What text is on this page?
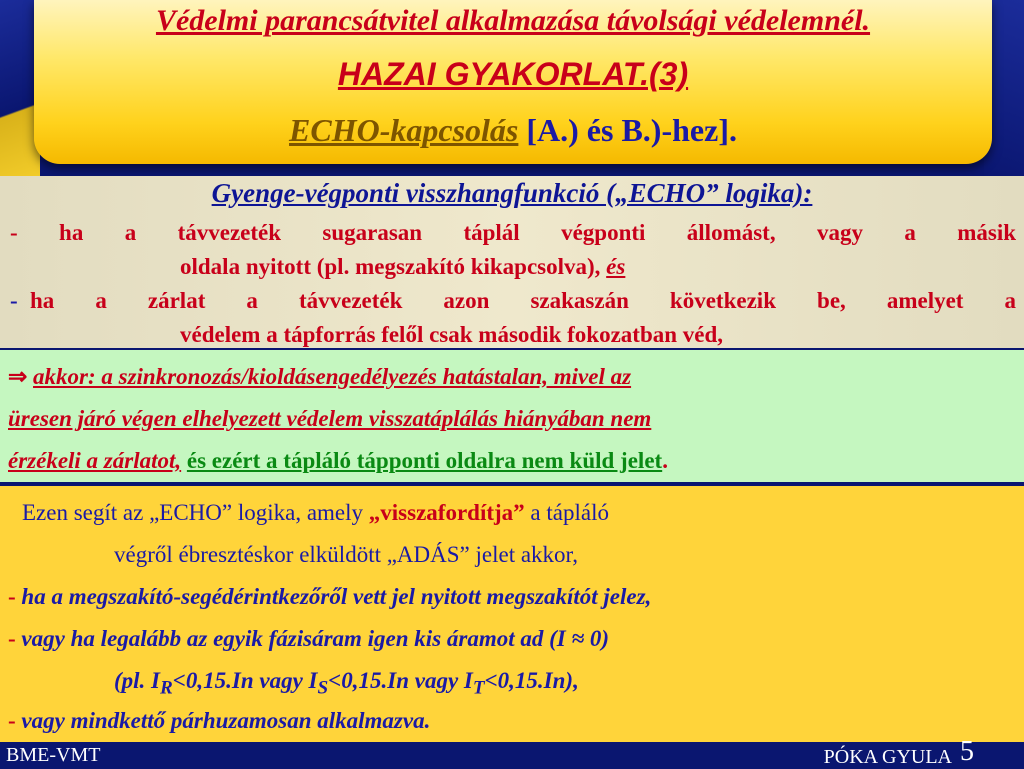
Védelmi parancsátvitel alkalmazása távolsági védelemnél.
HAZAI GYAKORLAT.(3)
ECHO-kapcsolás [A.) és B.)-hez].
Gyenge-végponti visszhangfunkció („ECHO” logika):
- ha a távvezeték sugarasan táplál végponti állomást, vagy a másik
oldala nyitott (pl. megszakító kikapcsolva), és
- ha a zárlat a távvezeték azon szakaszán következik be, amelyet a
védelem a tápforrás felől csak második fokozatban véd,
⇒ akkor: a szinkronozás/kioldásengedélyezés hatástalan, mivel az
üresen járó végen elhelyezett védelem visszatáplálás hiányában nem
érzékeli a zárlatot, és ezért a tápláló tápponti oldalra nem küld jelet.
Ezen segít az „ECHO” logika, amely „visszafordítja” a tápláló
végről ébresztéskor elküldött „ADÁS” jelet akkor,
- ha a megszakító-segédérintkezőről vett jel nyitott megszakítót jelez,
- vagy ha legalább az egyik fázisáram igen kis áramot ad (I ≈ 0)
(pl. $I_R<0,15.In$ vagy $I_S<0,15.In$ vagy $I_T<0,15.In$),
- vagy mindkettő párhuzamosan alkalmazva.
BME-VMT	PÓKA GYULA 5
